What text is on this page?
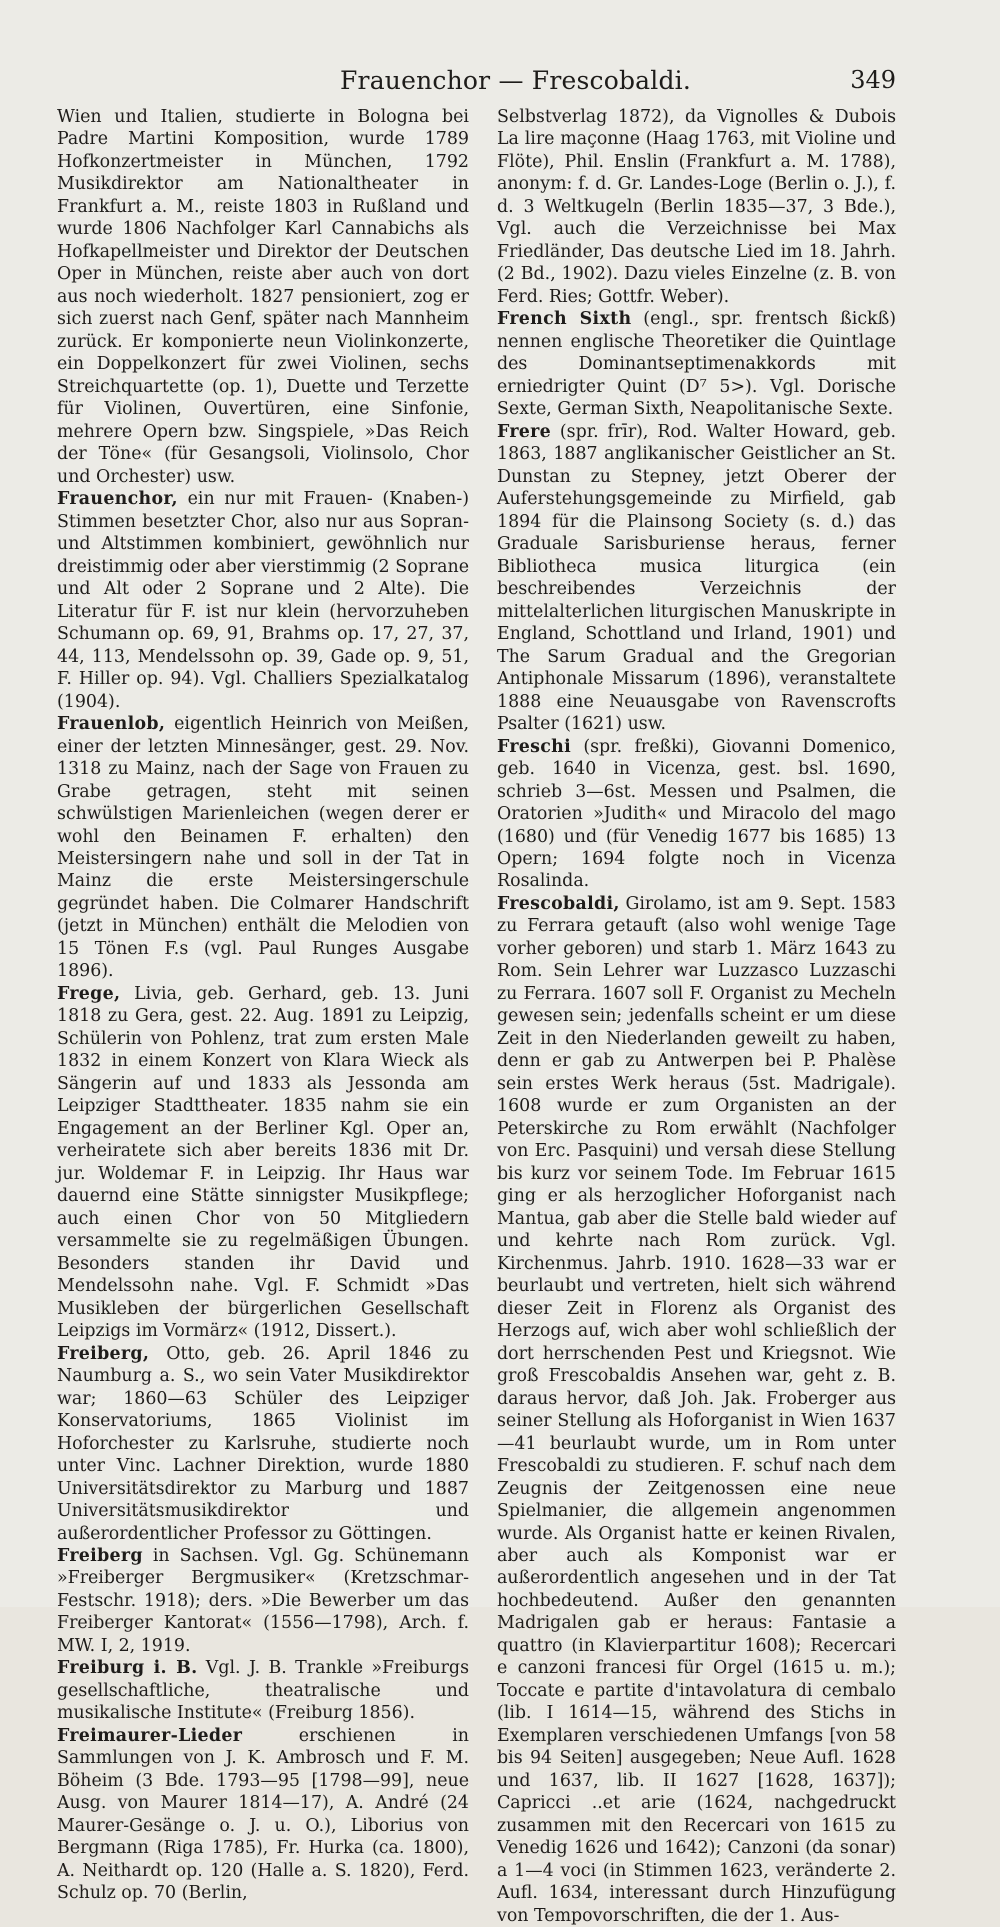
Frauenchor — Frescobaldi.	349

Wien und Italien, studierte in Bologna bei Padre Martini Komposition, wurde 1789 Hofkonzertmeister in München, 1792 Musikdirektor am Nationaltheater in Frankfurt a. M., reiste 1803 in Rußland und wurde 1806 Nachfolger Karl Cannabichs als Hofkapellmeister und Direktor der Deutschen Oper in München, reiste aber auch von dort aus noch wiederholt. 1827 pensioniert, zog er sich zuerst nach Genf, später nach Mannheim zurück. Er komponierte neun Violinkonzerte, ein Doppelkonzert für zwei Violinen, sechs Streichquartette (op. 1), Duette und Terzette für Violinen, Ouvertüren, eine Sinfonie, mehrere Opern bzw. Singspiele, »Das Reich der Töne« (für Gesangsoli, Violinsolo, Chor und Orchester) usw.

Frauenchor, ein nur mit Frauen- (Knaben-) Stimmen besetzter Chor, also nur aus Sopran- und Altstimmen kombiniert, gewöhnlich nur dreistimmig oder aber vierstimmig (2 Soprane und Alt oder 2 Soprane und 2 Alte). Die Literatur für F. ist nur klein (hervorzuheben Schumann op. 69, 91, Brahms op. 17, 27, 37, 44, 113, Mendelssohn op. 39, Gade op. 9, 51, F. Hiller op. 94). Vgl. Challiers Spezialkatalog (1904).

Frauenlob, eigentlich Heinrich von Meißen, einer der letzten Minnesänger, gest. 29. Nov. 1318 zu Mainz, nach der Sage von Frauen zu Grabe getragen, steht mit seinen schwülstigen Marienleichen (wegen derer er wohl den Beinamen F. erhalten) den Meistersingern nahe und soll in der Tat in Mainz die erste Meistersingerschule gegründet haben. Die Colmarer Handschrift (jetzt in München) enthält die Melodien von 15 Tönen F.s (vgl. Paul Runges Ausgabe 1896).

Frege, Livia, geb. Gerhard, geb. 13. Juni 1818 zu Gera, gest. 22. Aug. 1891 zu Leipzig, Schülerin von Pohlenz, trat zum ersten Male 1832 in einem Konzert von Klara Wieck als Sängerin auf und 1833 als Jessonda am Leipziger Stadttheater. 1835 nahm sie ein Engagement an der Berliner Kgl. Oper an, verheiratete sich aber bereits 1836 mit Dr. jur. Woldemar F. in Leipzig. Ihr Haus war dauernd eine Stätte sinnigster Musikpflege; auch einen Chor von 50 Mitgliedern versammelte sie zu regelmäßigen Übungen. Besonders standen ihr David und Mendelssohn nahe. Vgl. F. Schmidt »Das Musikleben der bürgerlichen Gesellschaft Leipzigs im Vormärz« (1912, Dissert.).

Freiberg, Otto, geb. 26. April 1846 zu Naumburg a. S., wo sein Vater Musikdirektor war; 1860—63 Schüler des Leipziger Konservatoriums, 1865 Violinist im Hoforchester zu Karlsruhe, studierte noch unter Vinc. Lachner Direktion, wurde 1880 Universitätsdirektor zu Marburg und 1887 Universitätsmusikdirektor und außerordentlicher Professor zu Göttingen.

Freiberg in Sachsen. Vgl. Gg. Schünemann »Freiberger Bergmusiker« (Kretzschmar-Festschr. 1918); ders. »Die Bewerber um das Freiberger Kantorat« (1556—1798), Arch. f. MW. I, 2, 1919.

Freiburg i. B. Vgl. J. B. Trankle »Freiburgs gesellschaftliche, theatralische und musikalische Institute« (Freiburg 1856).

Freimaurer-Lieder erschienen in Sammlungen von J. K. Ambrosch und F. M. Böheim (3 Bde. 1793—95 [1798—99], neue Ausg. von Maurer 1814—17), A. André (24 Maurer-Gesänge o. J. u. O.), Liborius von Bergmann (Riga 1785), Fr. Hurka (ca. 1800), A. Neithardt op. 120 (Halle a. S. 1820), Ferd. Schulz op. 70 (Berlin,

Selbstverlag 1872), da Vignolles & Dubois La lire maçonne (Haag 1763, mit Violine und Flöte), Phil. Enslin (Frankfurt a. M. 1788), anonym: f. d. Gr. Landes-Loge (Berlin o. J.), f. d. 3 Weltkugeln (Berlin 1835—37, 3 Bde.), Vgl. auch die Verzeichnisse bei Max Friedländer, Das deutsche Lied im 18. Jahrh. (2 Bd., 1902). Dazu vieles Einzelne (z. B. von Ferd. Ries; Gottfr. Weber).

French Sixth (engl., spr. frentsch ßickß) nennen englische Theoretiker die Quintlage des Dominantseptimenakkords mit erniedrigter Quint (D⁷ 5>). Vgl. Dorische Sexte, German Sixth, Neapolitanische Sexte.

Frere (spr. frīr), Rod. Walter Howard, geb. 1863, 1887 anglikanischer Geistlicher an St. Dunstan zu Stepney, jetzt Oberer der Auferstehungsgemeinde zu Mirfield, gab 1894 für die Plainsong Society (s. d.) das Graduale Sarisburiense heraus, ferner Bibliotheca musica liturgica (ein beschreibendes Verzeichnis der mittelalterlichen liturgischen Manuskripte in England, Schottland und Irland, 1901) und The Sarum Gradual and the Gregorian Antiphonale Missarum (1896), veranstaltete 1888 eine Neuausgabe von Ravenscrofts Psalter (1621) usw.

Freschi (spr. freßki), Giovanni Domenico, geb. 1640 in Vicenza, gest. bsl. 1690, schrieb 3—6st. Messen und Psalmen, die Oratorien »Judith« und Miracolo del mago (1680) und (für Venedig 1677 bis 1685) 13 Opern; 1694 folgte noch in Vicenza Rosalinda.

Frescobaldi, Girolamo, ist am 9. Sept. 1583 zu Ferrara getauft (also wohl wenige Tage vorher geboren) und starb 1. März 1643 zu Rom. Sein Lehrer war Luzzasco Luzzaschi zu Ferrara. 1607 soll F. Organist zu Mecheln gewesen sein; jedenfalls scheint er um diese Zeit in den Niederlanden geweilt zu haben, denn er gab zu Antwerpen bei P. Phalèse sein erstes Werk heraus (5st. Madrigale). 1608 wurde er zum Organisten an der Peterskirche zu Rom erwählt (Nachfolger von Erc. Pasquini) und versah diese Stellung bis kurz vor seinem Tode. Im Februar 1615 ging er als herzoglicher Hoforganist nach Mantua, gab aber die Stelle bald wieder auf und kehrte nach Rom zurück. Vgl. Kirchenmus. Jahrb. 1910. 1628—33 war er beurlaubt und vertreten, hielt sich während dieser Zeit in Florenz als Organist des Herzogs auf, wich aber wohl schließlich der dort herrschenden Pest und Kriegsnot. Wie groß Frescobaldis Ansehen war, geht z. B. daraus hervor, daß Joh. Jak. Froberger aus seiner Stellung als Hoforganist in Wien 1637—41 beurlaubt wurde, um in Rom unter Frescobaldi zu studieren. F. schuf nach dem Zeugnis der Zeitgenossen eine neue Spielmanier, die allgemein angenommen wurde. Als Organist hatte er keinen Rivalen, aber auch als Komponist war er außerordentlich angesehen und in der Tat hochbedeutend. Außer den genannten Madrigalen gab er heraus: Fantasie a quattro (in Klavierpartitur 1608); Recercari e canzoni francesi für Orgel (1615 u. m.); Toccate e partite d'intavolatura di cembalo (lib. I 1614—15, während des Stichs in Exemplaren verschiedenen Umfangs [von 58 bis 94 Seiten] ausgegeben; Neue Aufl. 1628 und 1637, lib. II 1627 [1628, 1637]); Capricci ..et arie (1624, nachgedruckt zusammen mit den Recercari von 1615 zu Venedig 1626 und 1642); Canzoni (da sonar) a 1—4 voci (in Stimmen 1623, veränderte 2. Aufl. 1634, interessant durch Hinzufügung von Tempovorschriften, die der 1. Aus-
